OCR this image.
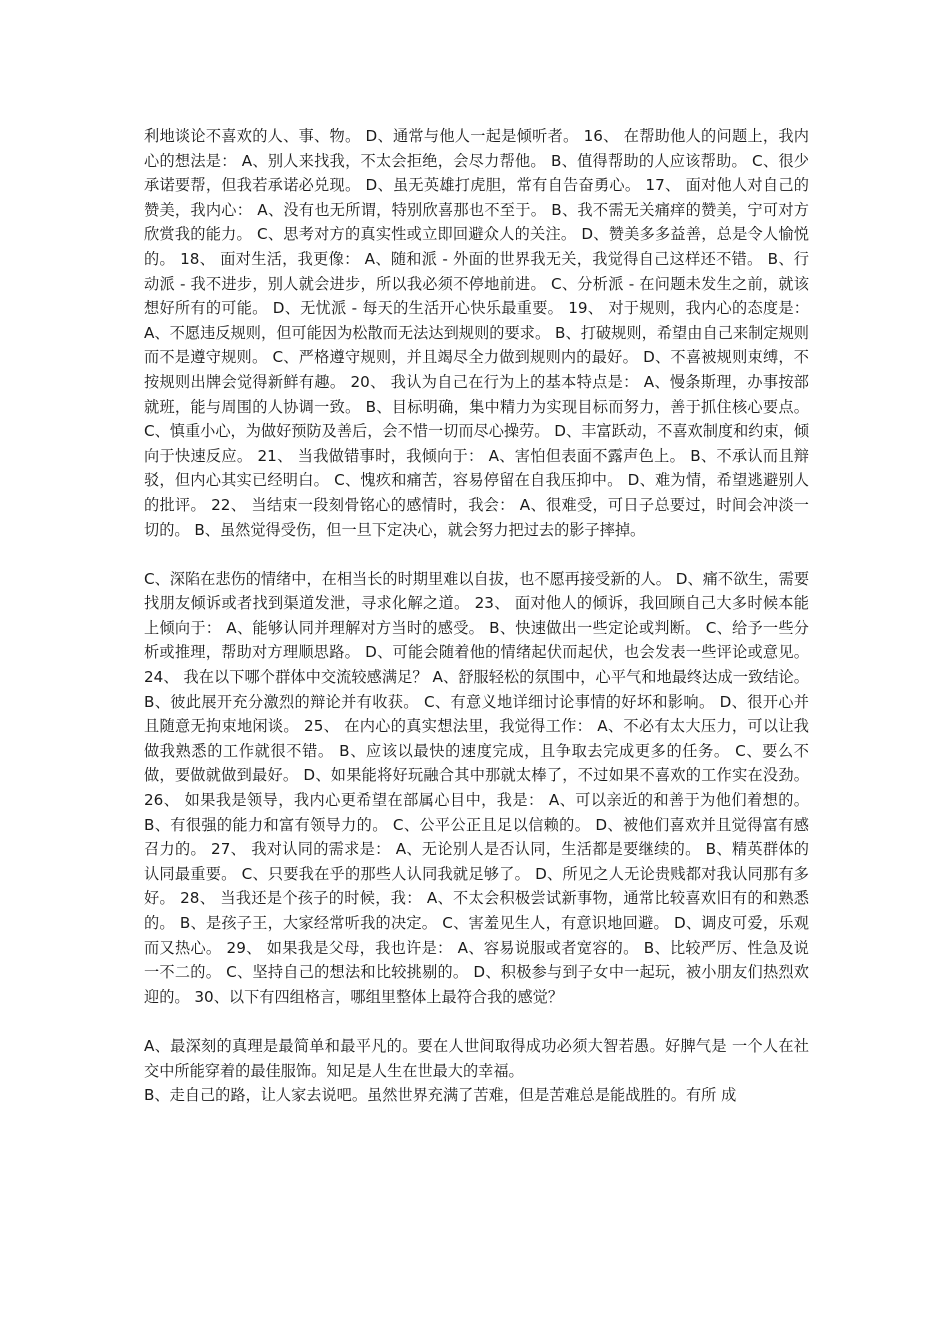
利地谈论不喜欢的人、事、物。 D、通常与他人一起是倾听者。 16、 在帮助他人的问题上，我内心的想法是： A、别人来找我，不太会拒绝，会尽力帮他。 B、值得帮助的人应该帮助。 C、很少承诺要帮，但我若承诺必兑现。 D、虽无英雄打虎胆，常有自告奋勇心。 17、 面对他人对自己的赞美，我内心： A、没有也无所谓，特别欣喜那也不至于。 B、我不需无关痛痒的赞美，宁可对方欣赏我的能力。 C、思考对方的真实性或立即回避众人的关注。 D、赞美多多益善，总是令人愉悦的。 18、 面对生活，我更像： A、随和派 - 外面的世界我无关，我觉得自己这样还不错。 B、行动派 - 我不进步，别人就会进步，所以我必须不停地前进。 C、分析派 - 在问题未发生之前，就该想好所有的可能。 D、无忧派 - 每天的生活开心快乐最重要。 19、 对于规则，我内心的态度是： A、不愿违反规则，但可能因为松散而无法达到规则的要求。 B、打破规则，希望由自己来制定规则而不是遵守规则。 C、严格遵守规则，并且竭尽全力做到规则内的最好。 D、不喜被规则束缚，不按规则出牌会觉得新鲜有趣。 20、 我认为自己在行为上的基本特点是： A、慢条斯理，办事按部就班，能与周围的人协调一致。 B、目标明确，集中精力为实现目标而努力，善于抓住核心要点。 C、慎重小心，为做好预防及善后，会不惜一切而尽心操劳。 D、丰富跃动，不喜欢制度和约束，倾向于快速反应。 21、 当我做错事时，我倾向于： A、害怕但表面不露声色上。 B、不承认而且辩驳，但内心其实已经明白。 C、愧疚和痛苦，容易停留在自我压抑中。 D、难为情，希望逃避别人的批评。 22、 当结束一段刻骨铭心的感情时，我会： A、很难受，可日子总要过，时间会冲淡一切的。 B、虽然觉得受伤，但一旦下定决心，就会努力把过去的影子摔掉。

C、深陷在悲伤的情绪中，在相当长的时期里难以自拔，也不愿再接受新的人。 D、痛不欲生，需要找朋友倾诉或者找到渠道发泄，寻求化解之道。 23、 面对他人的倾诉，我回顾自己大多时候本能上倾向于： A、能够认同并理解对方当时的感受。 B、快速做出一些定论或判断。 C、给予一些分析或推理，帮助对方理顺思路。 D、可能会随着他的情绪起伏而起伏，也会发表一些评论或意见。 24、 我在以下哪个群体中交流较感满足？ A、舒服轻松的氛围中，心平气和地最终达成一致结论。 B、彼此展开充分激烈的辩论并有收获。 C、有意义地详细讨论事情的好坏和影响。 D、很开心并且随意无拘束地闲谈。 25、 在内心的真实想法里，我觉得工作： A、不必有太大压力，可以让我做我熟悉的工作就很不错。 B、应该以最快的速度完成，且争取去完成更多的任务。 C、要么不做，要做就做到最好。 D、如果能将好玩融合其中那就太棒了，不过如果不喜欢的工作实在没劲。 26、 如果我是领导，我内心更希望在部属心目中，我是： A、可以亲近的和善于为他们着想的。 B、有很强的能力和富有领导力的。 C、公平公正且足以信赖的。 D、被他们喜欢并且觉得富有感召力的。 27、 我对认同的需求是： A、无论别人是否认同，生活都是要继续的。 B、精英群体的认同最重要。 C、只要我在乎的那些人认同我就足够了。 D、所见之人无论贵贱都对我认同那有多好。 28、 当我还是个孩子的时候，我： A、不太会积极尝试新事物，通常比较喜欢旧有的和熟悉的。 B、是孩子王，大家经常听我的决定。 C、害羞见生人，有意识地回避。 D、调皮可爱，乐观而又热心。 29、 如果我是父母，我也许是： A、容易说服或者宽容的。 B、比较严厉、性急及说一不二的。 C、坚持自己的想法和比较挑剔的。 D、积极参与到子女中一起玩，被小朋友们热烈欢迎的。 30、以下有四组格言，哪组里整体上最符合我的感觉？

A、最深刻的真理是最简单和最平凡的。要在人世间取得成功必须大智若愚。好脾气是 一个人在社交中所能穿着的最佳服饰。知足是人生在世最大的幸福。

B、走自己的路，让人家去说吧。虽然世界充满了苦难，但是苦难总是能战胜的。有所 成
